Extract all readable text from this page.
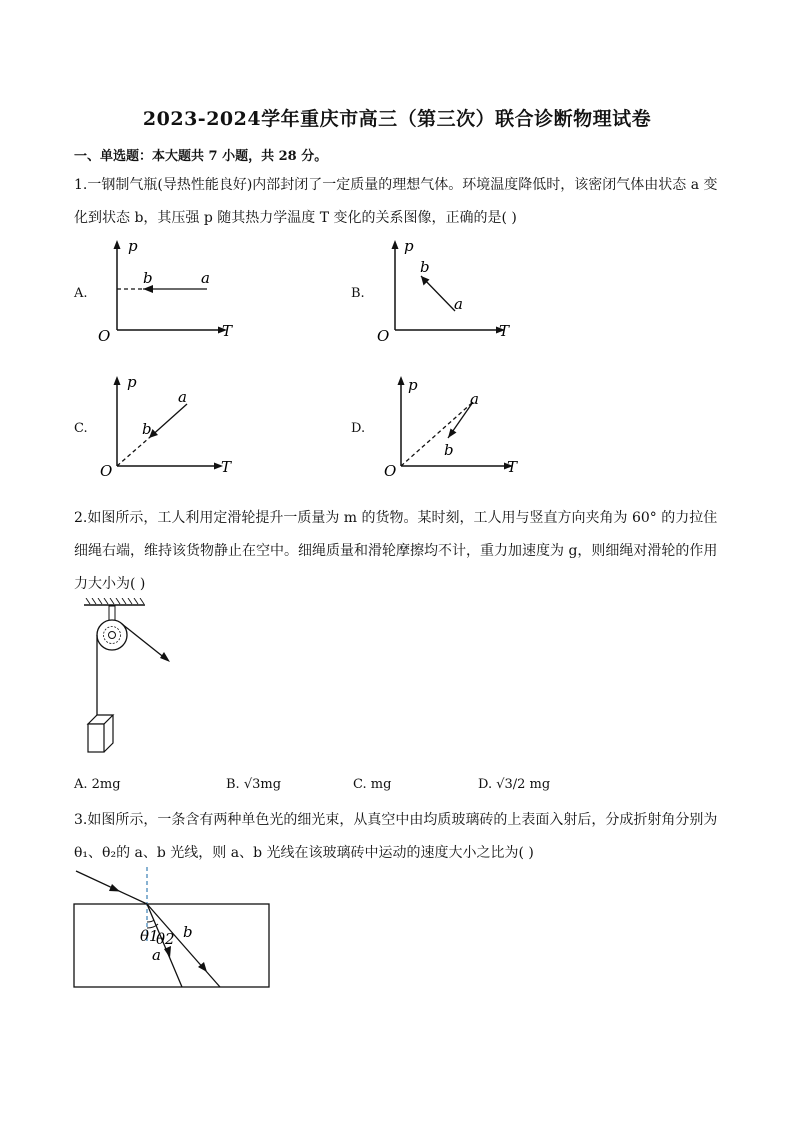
2023-2024学年重庆市高三（第三次）联合诊断物理试卷
一、单选题：本大题共 7 小题，共 28 分。
1.一钢制气瓶(导热性能良好)内部封闭了一定质量的理想气体。环境温度降低时，该密闭气体由状态 a 变化到状态 b，其压强 p 随其热力学温度 T 变化的关系图像，正确的是( )
A.
p
T
O
b	a
B.
p
T
O
b
a
C.
p
T
O
b
a
D.
p
T
O
b
a
2.如图所示，工人利用定滑轮提升一质量为 m 的货物。某时刻，工人用与竖直方向夹角为 60° 的力拉住细绳右端，维持该货物静止在空中。细绳质量和滑轮摩擦均不计，重力加速度为 g，则细绳对滑轮的作用力大小为( )
A. 2mg	B. √3mg	C. mg	D. √3/2 mg
3.如图所示，一条含有两种单色光的细光束，从真空中由均质玻璃砖的上表面入射后，分成折射角分别为 θ₁、θ₂的 a、b 光线，则 a、b 光线在该玻璃砖中运动的速度大小之比为( )
θ1
θ2
a
b
